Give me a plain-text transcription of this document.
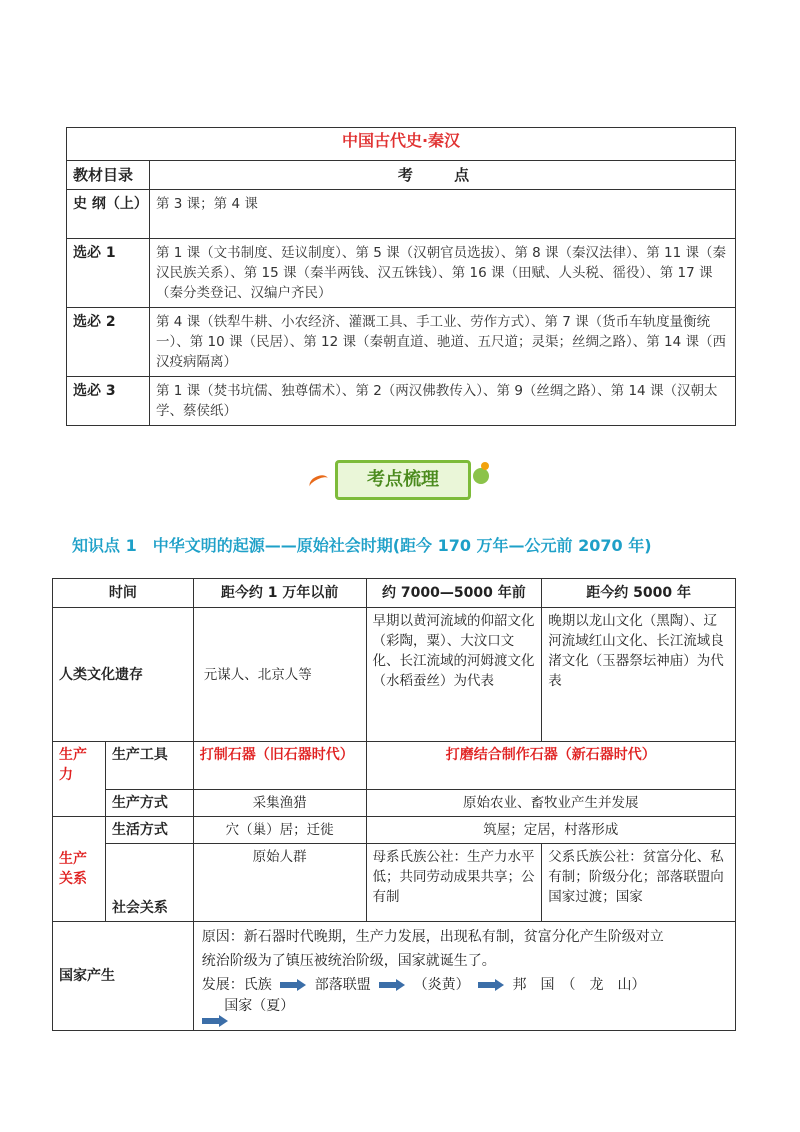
中国古代史·秦汉	
教材目录	考 点
史 纲（上）	第 3 课；第 4 课
选必 1	第 1 课（文书制度、廷议制度）、第 5 课（汉朝官员选拔）、第 8 课（秦汉法律）、第 11 课（秦汉民族关系）、第 15 课（秦半两钱、汉五铢钱）、第 16 课（田赋、人头税、徭役）、第 17 课（秦分类登记、汉编户齐民）
选必 2	第 4 课（铁犁牛耕、小农经济、灌溉工具、手工业、劳作方式）、第 7 课（货币车轨度量衡统一）、第 10 课（民居）、第 12 课（秦朝直道、驰道、五尺道；灵渠；丝绸之路）、第 14 课（西汉疫病隔离）
选必 3	第 1 课（焚书坑儒、独尊儒术）、第 2（两汉佛教传入）、第 9（丝绸之路）、第 14 课（汉朝太学、蔡侯纸）
考点梳理
知识点 1　中华文明的起源——原始社会时期(距今 170 万年—公元前 2070 年)
时间		距今约 1 万年以前	约 7000—5000 年前	距今约 5000 年
人类文化遗存		元谋人、北京人等	早期以黄河流域的仰韶文化（彩陶，粟）、大汶口文化、长江流域的河姆渡文化（水稻蚕丝）为代表	晚期以龙山文化（黑陶）、辽河流域红山文化、长江流域良渚文化（玉器祭坛神庙）为代表
生产力	生产工具	打制石器（旧石器时代）	打磨结合制作石器（新石器时代）	
	生产方式	采集渔猎	原始农业、畜牧业产生并发展	
生产关系	生活方式	穴（巢）居；迁徙	筑屋；定居，村落形成	
	社会关系	原始人群	母系氏族公社：生产力水平低；共同劳动成果共享；公有制	父系氏族公社：贫富分化、私有制；阶级分化；部落联盟向国家过渡；国家
国家产生		原因：新石器时代晚期，生产力发展，出现私有制，贫富分化产生阶级对立
统治阶级为了镇压被统治阶级，国家就诞生了。
发展：氏族 部落联盟 （炎黄） 邦　国　（　龙　山）
国家（夏）		
